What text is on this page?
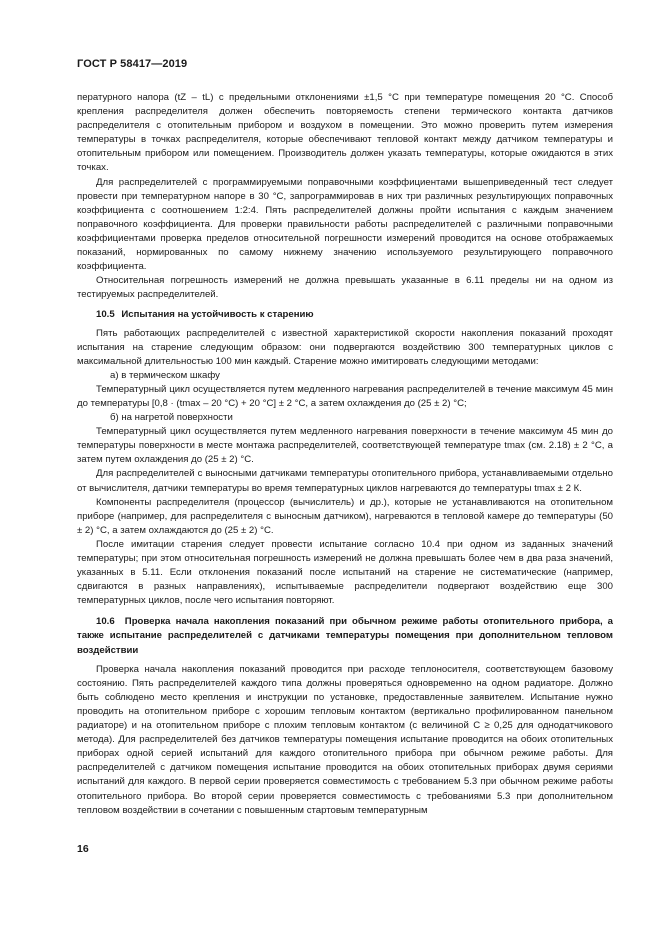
ГОСТ Р 58417—2019

пературного напора (tZ – tL) с предельными отклонениями ±1,5 °С при температуре помещения 20 °С. Способ крепления распределителя должен обеспечить повторяемость степени термического контакта датчиков распределителя с отопительным прибором и воздухом в помещении. Это можно проверить путем измерения температуры в точках распределителя, которые обеспечивают тепловой контакт между датчиком температуры и отопительным прибором или помещением. Производитель должен указать температуры, которые ожидаются в этих точках.

Для распределителей с программируемыми поправочными коэффициентами вышеприведенный тест следует провести при температурном напоре в 30 °С, запрограммировав в них три различных результирующих поправочных коэффициента с соотношением 1:2:4. Пять распределителей должны пройти испытания с каждым значением поправочного коэффициента. Для проверки правильности работы распределителей с различными поправочными коэффициентами проверка пределов относительной погрешности измерений проводится на основе отображаемых показаний, нормированных по самому нижнему значению используемого результирующего поправочного коэффициента.

Относительная погрешность измерений не должна превышать указанные в 6.11 пределы ни на одном из тестируемых распределителей.

10.5 Испытания на устойчивость к старению

Пять работающих распределителей с известной характеристикой скорости накопления показаний проходят испытания на старение следующим образом: они подвергаются воздействию 300 температурных циклов с максимальной длительностью 100 мин каждый. Старение можно имитировать следующими методами:

а) в термическом шкафу

Температурный цикл осуществляется путем медленного нагревания распределителей в течение максимум 45 мин до температуры [0,8 · (tmax – 20 °С) + 20 °С] ± 2 °С, а затем охлаждения до (25 ± 2) °С;

б) на нагретой поверхности

Температурный цикл осуществляется путем медленного нагревания поверхности в течение максимум 45 мин до температуры поверхности в месте монтажа распределителей, соответствующей температуре tmax (см. 2.18) ± 2 °С, а затем путем охлаждения до (25 ± 2) °С.

Для распределителей с выносными датчиками температуры отопительного прибора, устанавливаемыми отдельно от вычислителя, датчики температуры во время температурных циклов нагреваются до температуры tmax ± 2 К.

Компоненты распределителя (процессор (вычислитель) и др.), которые не устанавливаются на отопительном приборе (например, для распределителя с выносным датчиком), нагреваются в тепловой камере до температуры (50 ± 2) °С, а затем охлаждаются до (25 ± 2) °С.

После имитации старения следует провести испытание согласно 10.4 при одном из заданных значений температуры; при этом относительная погрешность измерений не должна превышать более чем в два раза значений, указанных в 5.11. Если отклонения показаний после испытаний на старение не систематические (например, сдвигаются в разных направлениях), испытываемые распределители подвергают воздействию еще 300 температурных циклов, после чего испытания повторяют.

10.6 Проверка начала накопления показаний при обычном режиме работы отопительного прибора, а также испытание распределителей с датчиками температуры помещения при дополнительном тепловом воздействии

Проверка начала накопления показаний проводится при расходе теплоносителя, соответствующем базовому состоянию. Пять распределителей каждого типа должны проверяться одновременно на одном радиаторе. Должно быть соблюдено место крепления и инструкции по установке, предоставленные заявителем. Испытание нужно проводить на отопительном приборе с хорошим тепловым контактом (вертикально профилированном панельном радиаторе) и на отопительном приборе с плохим тепловым контактом (с величиной С ≥ 0,25 для однодатчикового метода). Для распределителей без датчиков температуры помещения испытание проводится на обоих отопительных приборах одной серией испытаний для каждого отопительного прибора при обычном режиме работы. Для распределителей с датчиком помещения испытание проводится на обоих отопительных приборах двумя сериями испытаний для каждого. В первой серии проверяется совместимость с требованием 5.3 при обычном режиме работы отопительного прибора. Во второй серии проверяется совместимость с требованиями 5.3 при дополнительном тепловом воздействии в сочетании с повышенным стартовым температурным

16
